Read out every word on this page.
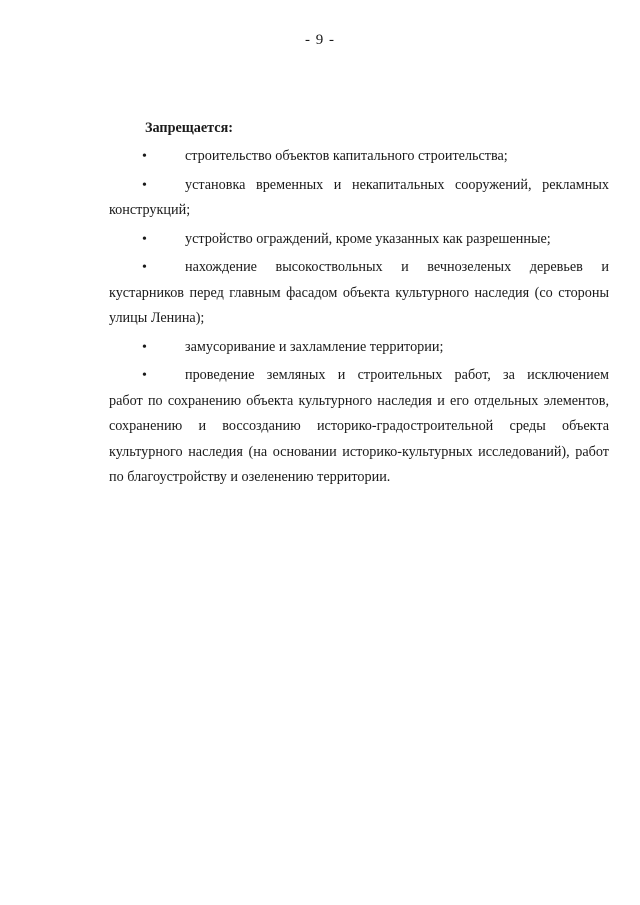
- 9 -
Запрещается:
•	строительство объектов капитального строительства;
•	установка временных и некапитальных сооружений, рекламных
конструкций;
•	устройство ограждений, кроме указанных как разрешенные;
•	нахождение высокоствольных и вечнозеленых деревьев и
кустарников перед главным фасадом объекта культурного наследия (со стороны улицы Ленина);
•	замусоривание и захламление территории;
•	проведение земляных и строительных работ, за исключением
работ по сохранению объекта культурного наследия и его отдельных элементов, сохранению и воссозданию историко-градостроительной среды объекта культурного наследия (на основании историко-культурных исследований), работ по благоустройству и озеленению территории.
